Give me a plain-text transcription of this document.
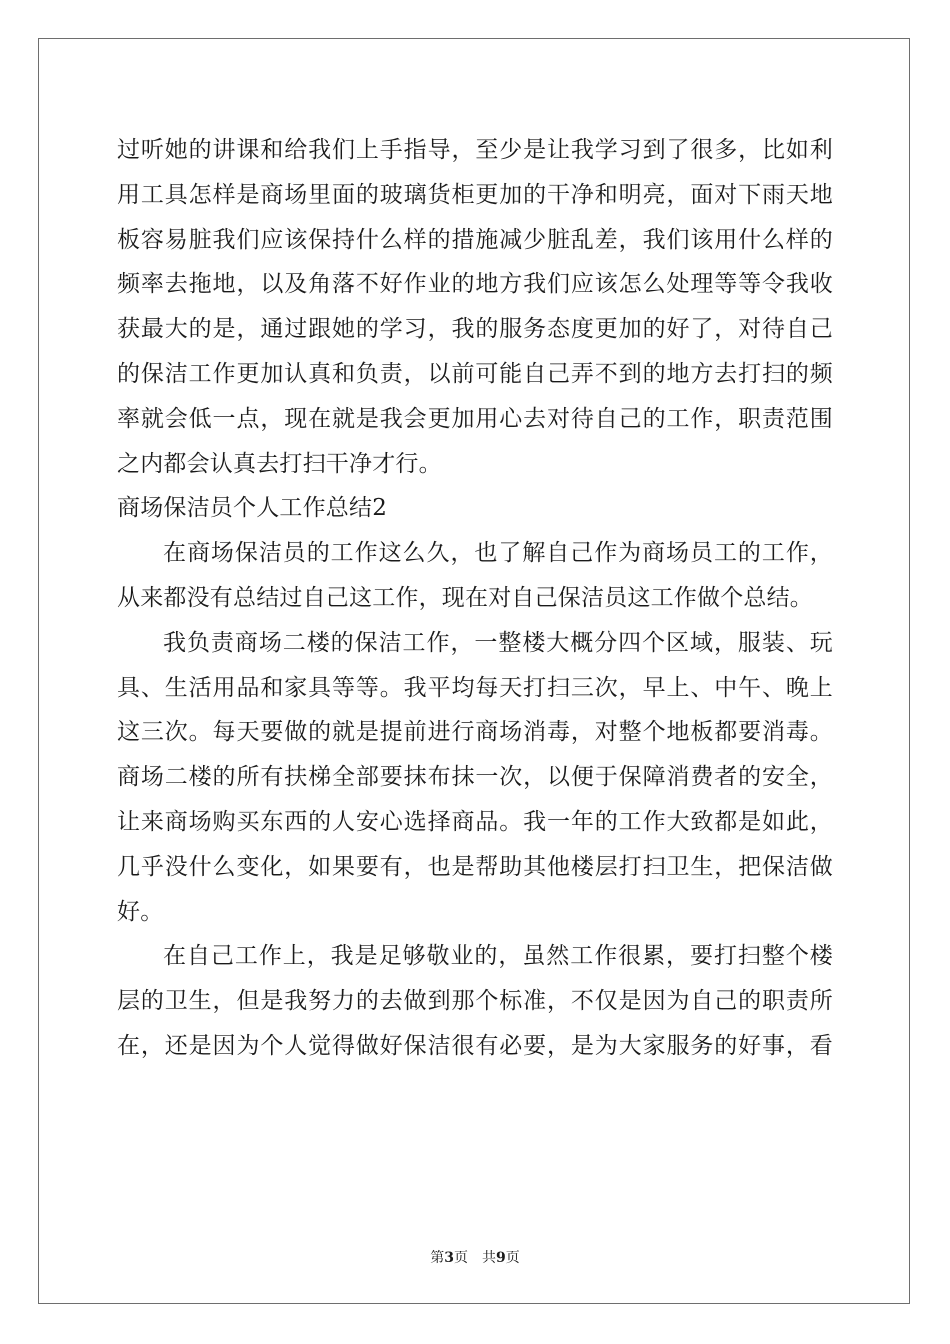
过听她的讲课和给我们上手指导，至少是让我学习到了很多，比如利
用工具怎样是商场里面的玻璃货柜更加的干净和明亮，面对下雨天地
板容易脏我们应该保持什么样的措施减少脏乱差，我们该用什么样的
频率去拖地，以及角落不好作业的地方我们应该怎么处理等等令我收
获最大的是，通过跟她的学习，我的服务态度更加的好了，对待自己
的保洁工作更加认真和负责，以前可能自己弄不到的地方去打扫的频
率就会低一点，现在就是我会更加用心去对待自己的工作，职责范围
之内都会认真去打扫干净才行。
商场保洁员个人工作总结2
在商场保洁员的工作这么久，也了解自己作为商场员工的工作，
从来都没有总结过自己这工作，现在对自己保洁员这工作做个总结。
我负责商场二楼的保洁工作，一整楼大概分四个区域，服装、玩
具、生活用品和家具等等。我平均每天打扫三次，早上、中午、晚上
这三次。每天要做的就是提前进行商场消毒，对整个地板都要消毒。
商场二楼的所有扶梯全部要抹布抹一次，以便于保障消费者的安全，
让来商场购买东西的人安心选择商品。我一年的工作大致都是如此，
几乎没什么变化，如果要有，也是帮助其他楼层打扫卫生，把保洁做
好。
在自己工作上，我是足够敬业的，虽然工作很累，要打扫整个楼
层的卫生，但是我努力的去做到那个标准，不仅是因为自己的职责所
在，还是因为个人觉得做好保洁很有必要，是为大家服务的好事，看
第3页 共9页
